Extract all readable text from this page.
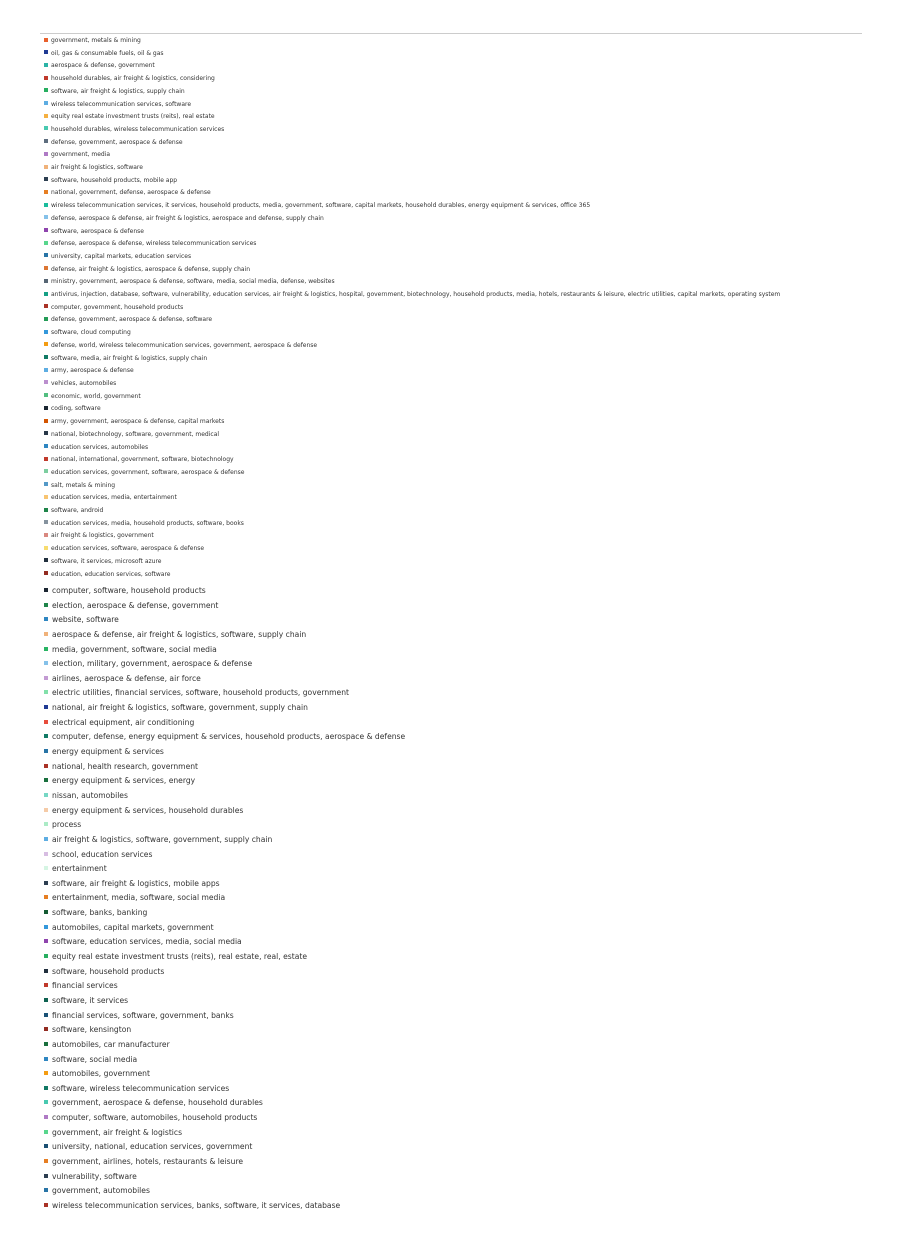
government, metals & mining
oil, gas & consumable fuels, oil & gas
aerospace & defense, government
household durables, air freight & logistics, considering
software, air freight & logistics, supply chain
wireless telecommunication services, software
equity real estate investment trusts (reits), real estate
household durables, wireless telecommunication services
defense, government, aerospace & defense
government, media
air freight & logistics, software
software, household products, mobile app
national, government, defense, aerospace & defense
wireless telecommunication services, it services, household products, media, government, software, capital markets, household durables, energy equipment & services, office 365
defense, aerospace & defense, air freight & logistics, aerospace and defense, supply chain
software, aerospace & defense
defense, aerospace & defense, wireless telecommunication services
university, capital markets, education services
defense, air freight & logistics, aerospace & defense, supply chain
ministry, government, aerospace & defense, software, media, social media, defense, websites
antivirus, injection, database, software, vulnerability, education services, air freight & logistics, hospital, government, biotechnology, household products, media, hotels, restaurants & leisure, electric utilities, capital markets, operating system
computer, government, household products
defense, government, aerospace & defense, software
software, cloud computing
defense, world, wireless telecommunication services, government, aerospace & defense
software, media, air freight & logistics, supply chain
army, aerospace & defense
vehicles, automobiles
economic, world, government
coding, software
army, government, aerospace & defense, capital markets
national, biotechnology, software, government, medical
education services, automobiles
national, international, government, software, biotechnology
education services, government, software, aerospace & defense
salt, metals & mining
education services, media, entertainment
software, android
education services, media, household products, software, books
air freight & logistics, government
education services, software, aerospace & defense
software, it services, microsoft azure
education, education services, software
computer, software, household products
election, aerospace & defense, government
website, software
aerospace & defense, air freight & logistics, software, supply chain
media, government, software, social media
election, military, government, aerospace & defense
airlines, aerospace & defense, air force
electric utilities, financial services, software, household products, government
national, air freight & logistics, software, government, supply chain
electrical equipment, air conditioning
computer, defense, energy equipment & services, household products, aerospace & defense
energy equipment & services
national, health research, government
energy equipment & services, energy
nissan, automobiles
energy equipment & services, household durables
process
air freight & logistics, software, government, supply chain
school, education services
entertainment
software, air freight & logistics, mobile apps
entertainment, media, software, social media
software, banks, banking
automobiles, capital markets, government
software, education services, media, social media
equity real estate investment trusts (reits), real estate, real, estate
software, household products
financial services
software, it services
financial services, software, government, banks
software, kensington
automobiles, car manufacturer
software, social media
automobiles, government
software, wireless telecommunication services
government, aerospace & defense, household durables
computer, software, automobiles, household products
government, air freight & logistics
university, national, education services, government
government, airlines, hotels, restaurants & leisure
vulnerability, software
government, automobiles
wireless telecommunication services, banks, software, it services, database
